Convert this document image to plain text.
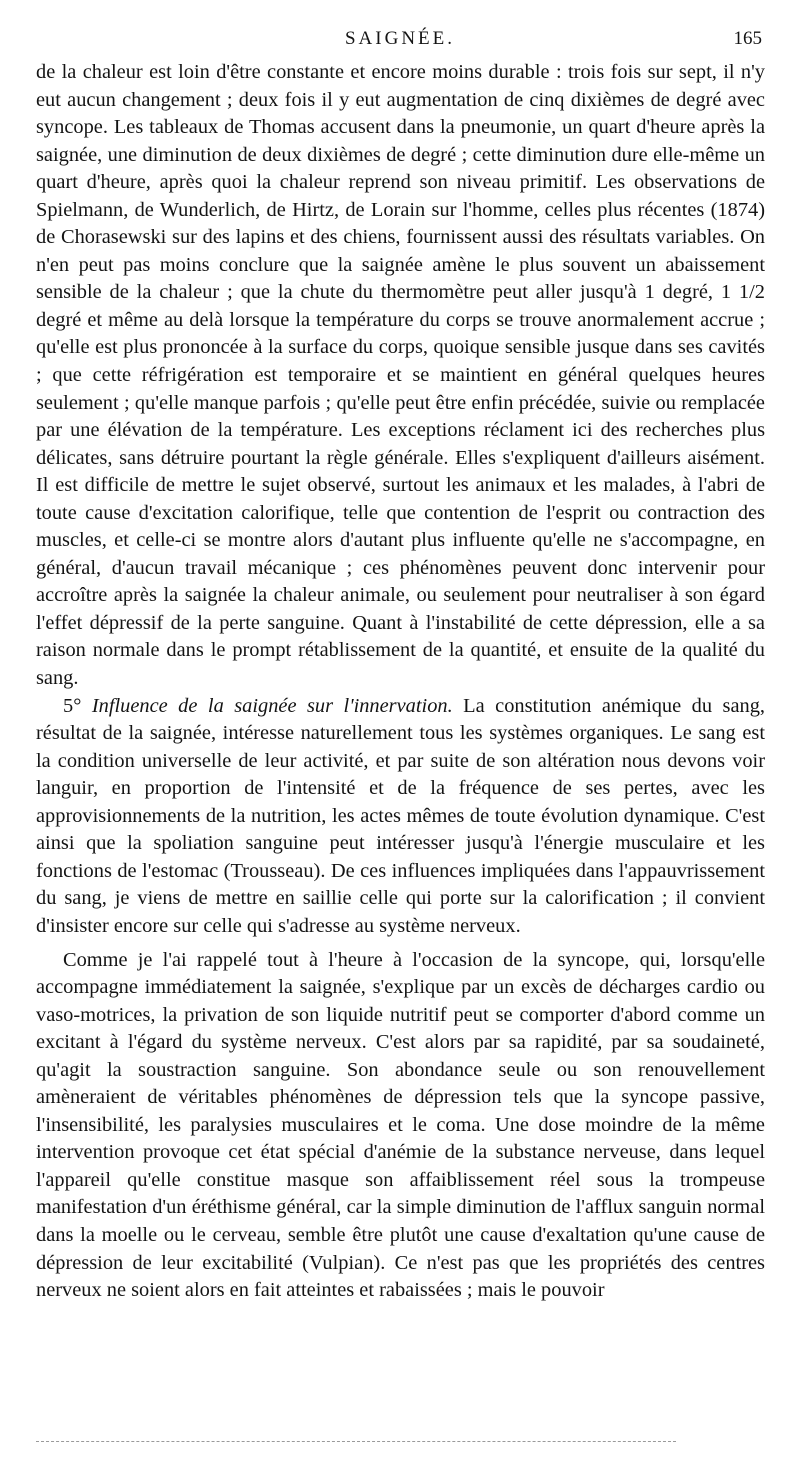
SAIGNÉE.	165

de la chaleur est loin d'être constante et encore moins durable : trois fois sur sept, il n'y eut aucun changement ; deux fois il y eut augmentation de cinq dixièmes de degré avec syncope. Les tableaux de Thomas accusent dans la pneumonie, un quart d'heure après la saignée, une diminution de deux dixièmes de degré ; cette diminution dure elle-même un quart d'heure, après quoi la chaleur reprend son niveau primitif. Les observations de Spielmann, de Wunderlich, de Hirtz, de Lorain sur l'homme, celles plus récentes (1874) de Chorasewski sur des lapins et des chiens, fournissent aussi des résultats variables. On n'en peut pas moins conclure que la saignée amène le plus souvent un abaissement sensible de la chaleur ; que la chute du thermomètre peut aller jusqu'à 1 degré, 1 1/2 degré et même au delà lorsque la température du corps se trouve anormalement accrue ; qu'elle est plus prononcée à la surface du corps, quoique sensible jusque dans ses cavités ; que cette réfrigération est temporaire et se maintient en général quelques heures seulement ; qu'elle manque parfois ; qu'elle peut être enfin précédée, suivie ou remplacée par une élévation de la température. Les exceptions réclament ici des recherches plus délicates, sans détruire pourtant la règle générale. Elles s'expliquent d'ailleurs aisément. Il est difficile de mettre le sujet observé, surtout les animaux et les malades, à l'abri de toute cause d'excitation calorifique, telle que contention de l'esprit ou contraction des muscles, et celle-ci se montre alors d'autant plus influente qu'elle ne s'accompagne, en général, d'aucun travail mécanique ; ces phénomènes peuvent donc intervenir pour accroître après la saignée la chaleur animale, ou seulement pour neutraliser à son égard l'effet dépressif de la perte sanguine. Quant à l'instabilité de cette dépression, elle a sa raison normale dans le prompt rétablissement de la quantité, et ensuite de la qualité du sang.

5° Influence de la saignée sur l'innervation. La constitution anémique du sang, résultat de la saignée, intéresse naturellement tous les systèmes organiques. Le sang est la condition universelle de leur activité, et par suite de son altération nous devons voir languir, en proportion de l'intensité et de la fréquence de ses pertes, avec les approvisionnements de la nutrition, les actes mêmes de toute évolution dynamique. C'est ainsi que la spoliation sanguine peut intéresser jusqu'à l'énergie musculaire et les fonctions de l'estomac (Trousseau). De ces influences impliquées dans l'appauvrissement du sang, je viens de mettre en saillie celle qui porte sur la calorification ; il convient d'insister encore sur celle qui s'adresse au système nerveux.

Comme je l'ai rappelé tout à l'heure à l'occasion de la syncope, qui, lorsqu'elle accompagne immédiatement la saignée, s'explique par un excès de décharges cardio ou vaso-motrices, la privation de son liquide nutritif peut se comporter d'abord comme un excitant à l'égard du système nerveux. C'est alors par sa rapidité, par sa soudaineté, qu'agit la soustraction sanguine. Son abondance seule ou son renouvellement amèneraient de véritables phénomènes de dépression tels que la syncope passive, l'insensibilité, les paralysies musculaires et le coma. Une dose moindre de la même intervention provoque cet état spécial d'anémie de la substance nerveuse, dans lequel l'appareil qu'elle constitue masque son affaiblissement réel sous la trompeuse manifestation d'un éréthisme général, car la simple diminution de l'afflux sanguin normal dans la moelle ou le cerveau, semble être plutôt une cause d'exaltation qu'une cause de dépression de leur excitabilité (Vulpian). Ce n'est pas que les propriétés des centres nerveux ne soient alors en fait atteintes et rabaissées ; mais le pouvoir
